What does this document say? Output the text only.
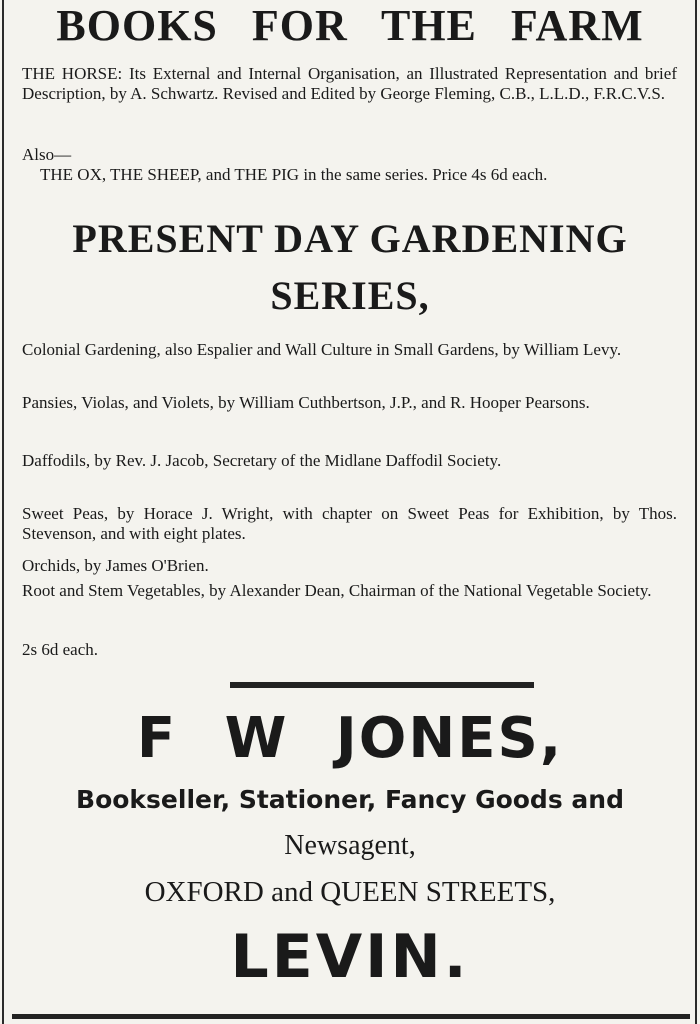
BOOKS FOR THE FARM

THE HORSE: Its External and Internal Organisation, an Illustrated Representation and brief Description, by A. Schwartz. Revised and Edited by George Fleming, C.B., L.L.D., F.R.C.V.S.

Also—

THE OX, THE SHEEP, and THE PIG in the same series. Price 4s 6d each.

PRESENT DAY GARDENING
SERIES,

Colonial Gardening, also Espalier and Wall Culture in Small Gardens, by William Levy.

Pansies, Violas, and Violets, by William Cuthbertson, J.P., and R. Hooper Pearsons.

Daffodils, by Rev. J. Jacob, Secretary of the Midlane Daffodil Society.

Sweet Peas, by Horace J. Wright, with chapter on Sweet Peas for Exhibition, by Thos. Stevenson, and with eight plates.

Orchids, by James O'Brien.

Root and Stem Vegetables, by Alexander Dean, Chairman of the National Vegetable Society.

2s 6d each.

F W JONES,

Bookseller, Stationer, Fancy Goods and

Newsagent,

OXFORD and QUEEN STREETS,

LEVIN.
